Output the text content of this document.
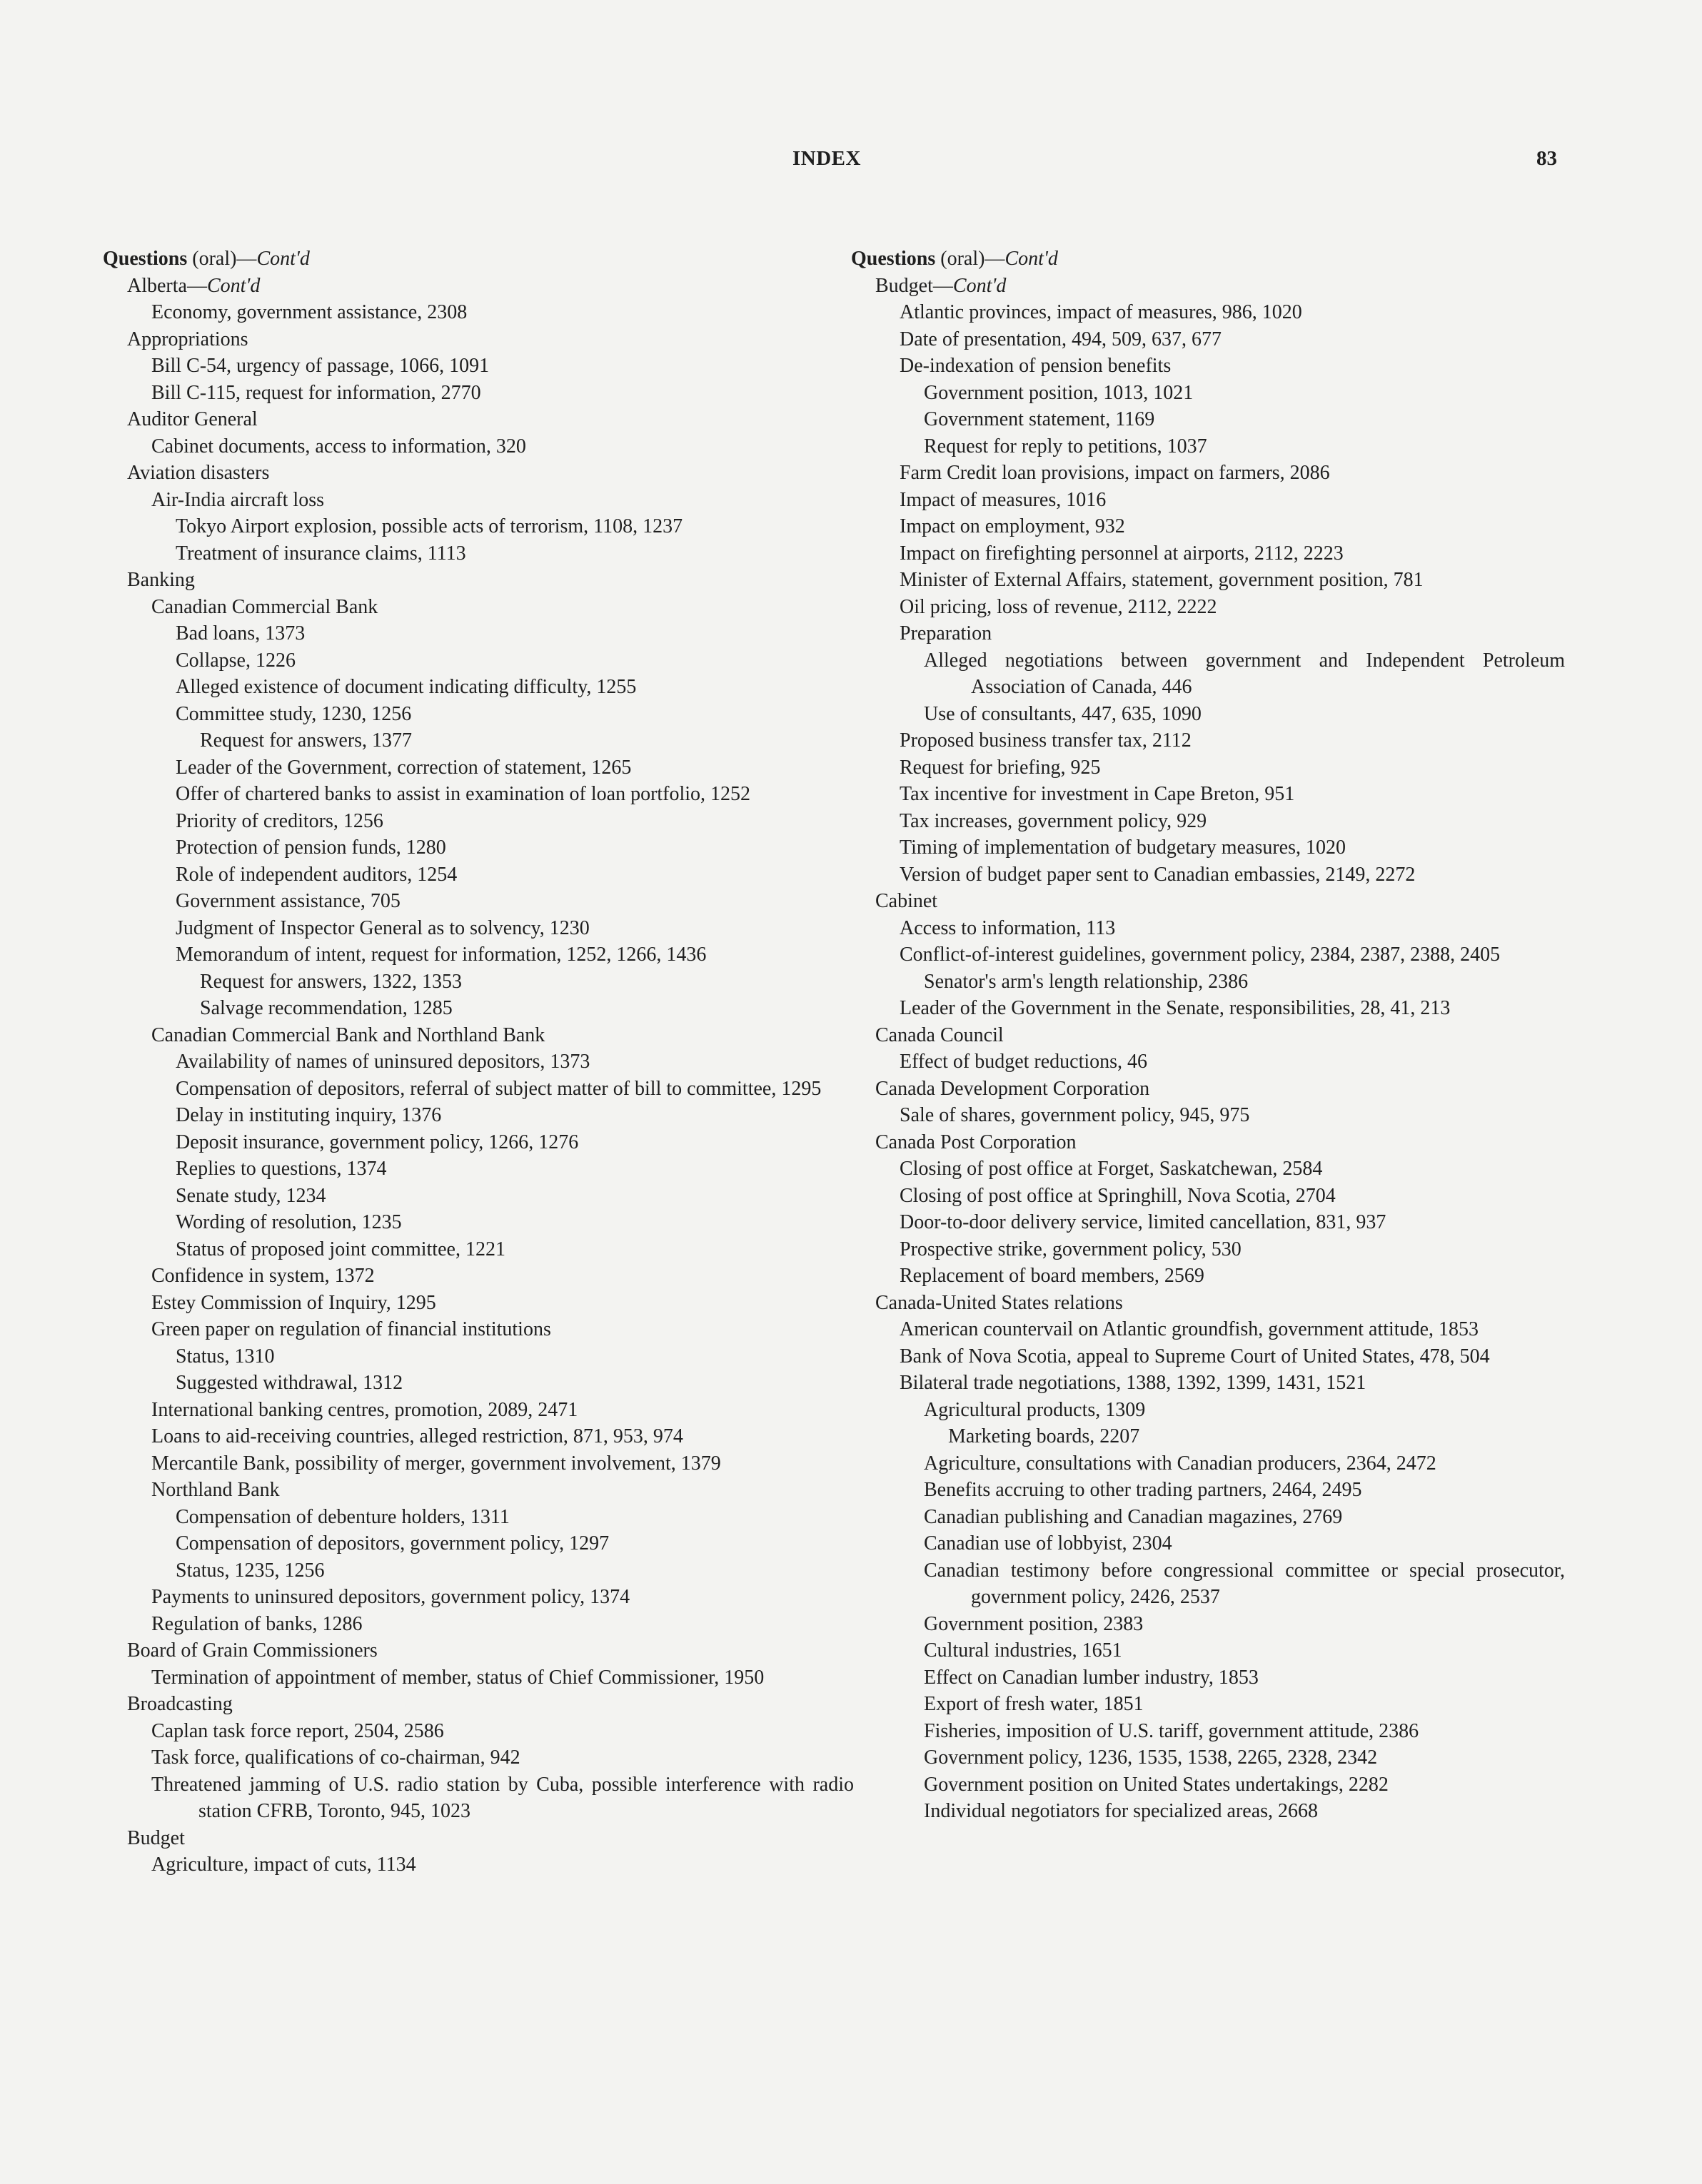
INDEX	83
Questions (oral)—Cont'd
Alberta—Cont'd
Economy, government assistance, 2308
Appropriations
Bill C-54, urgency of passage, 1066, 1091
Bill C-115, request for information, 2770
Auditor General
Cabinet documents, access to information, 320
Aviation disasters
Air-India aircraft loss
Tokyo Airport explosion, possible acts of terrorism, 1108, 1237
Treatment of insurance claims, 1113
Banking
Canadian Commercial Bank
Bad loans, 1373
Collapse, 1226
Alleged existence of document indicating difficulty, 1255
Committee study, 1230, 1256
Request for answers, 1377
Leader of the Government, correction of statement, 1265
Offer of chartered banks to assist in examination of loan portfolio, 1252
Priority of creditors, 1256
Protection of pension funds, 1280
Role of independent auditors, 1254
Government assistance, 705
Judgment of Inspector General as to solvency, 1230
Memorandum of intent, request for information, 1252, 1266, 1436
Request for answers, 1322, 1353
Salvage recommendation, 1285
Canadian Commercial Bank and Northland Bank
Availability of names of uninsured depositors, 1373
Compensation of depositors, referral of subject matter of bill to committee, 1295
Delay in instituting inquiry, 1376
Deposit insurance, government policy, 1266, 1276
Replies to questions, 1374
Senate study, 1234
Wording of resolution, 1235
Status of proposed joint committee, 1221
Confidence in system, 1372
Estey Commission of Inquiry, 1295
Green paper on regulation of financial institutions
Status, 1310
Suggested withdrawal, 1312
International banking centres, promotion, 2089, 2471
Loans to aid-receiving countries, alleged restriction, 871, 953, 974
Mercantile Bank, possibility of merger, government involvement, 1379
Northland Bank
Compensation of debenture holders, 1311
Compensation of depositors, government policy, 1297
Status, 1235, 1256
Payments to uninsured depositors, government policy, 1374
Regulation of banks, 1286
Board of Grain Commissioners
Termination of appointment of member, status of Chief Commissioner, 1950
Broadcasting
Caplan task force report, 2504, 2586
Task force, qualifications of co-chairman, 942
Threatened jamming of U.S. radio station by Cuba, possible interference with radio station CFRB, Toronto, 945, 1023
Budget
Agriculture, impact of cuts, 1134
Questions (oral)—Cont'd
Budget—Cont'd
Atlantic provinces, impact of measures, 986, 1020
Date of presentation, 494, 509, 637, 677
De-indexation of pension benefits
Government position, 1013, 1021
Government statement, 1169
Request for reply to petitions, 1037
Farm Credit loan provisions, impact on farmers, 2086
Impact of measures, 1016
Impact on employment, 932
Impact on firefighting personnel at airports, 2112, 2223
Minister of External Affairs, statement, government position, 781
Oil pricing, loss of revenue, 2112, 2222
Preparation
Alleged negotiations between government and Independent Petroleum Association of Canada, 446
Use of consultants, 447, 635, 1090
Proposed business transfer tax, 2112
Request for briefing, 925
Tax incentive for investment in Cape Breton, 951
Tax increases, government policy, 929
Timing of implementation of budgetary measures, 1020
Version of budget paper sent to Canadian embassies, 2149, 2272
Cabinet
Access to information, 113
Conflict-of-interest guidelines, government policy, 2384, 2387, 2388, 2405
Senator's arm's length relationship, 2386
Leader of the Government in the Senate, responsibilities, 28, 41, 213
Canada Council
Effect of budget reductions, 46
Canada Development Corporation
Sale of shares, government policy, 945, 975
Canada Post Corporation
Closing of post office at Forget, Saskatchewan, 2584
Closing of post office at Springhill, Nova Scotia, 2704
Door-to-door delivery service, limited cancellation, 831, 937
Prospective strike, government policy, 530
Replacement of board members, 2569
Canada-United States relations
American countervail on Atlantic groundfish, government attitude, 1853
Bank of Nova Scotia, appeal to Supreme Court of United States, 478, 504
Bilateral trade negotiations, 1388, 1392, 1399, 1431, 1521
Agricultural products, 1309
Marketing boards, 2207
Agriculture, consultations with Canadian producers, 2364, 2472
Benefits accruing to other trading partners, 2464, 2495
Canadian publishing and Canadian magazines, 2769
Canadian use of lobbyist, 2304
Canadian testimony before congressional committee or special prosecutor, government policy, 2426, 2537
Government position, 2383
Cultural industries, 1651
Effect on Canadian lumber industry, 1853
Export of fresh water, 1851
Fisheries, imposition of U.S. tariff, government attitude, 2386
Government policy, 1236, 1535, 1538, 2265, 2328, 2342
Government position on United States undertakings, 2282
Individual negotiators for specialized areas, 2668
